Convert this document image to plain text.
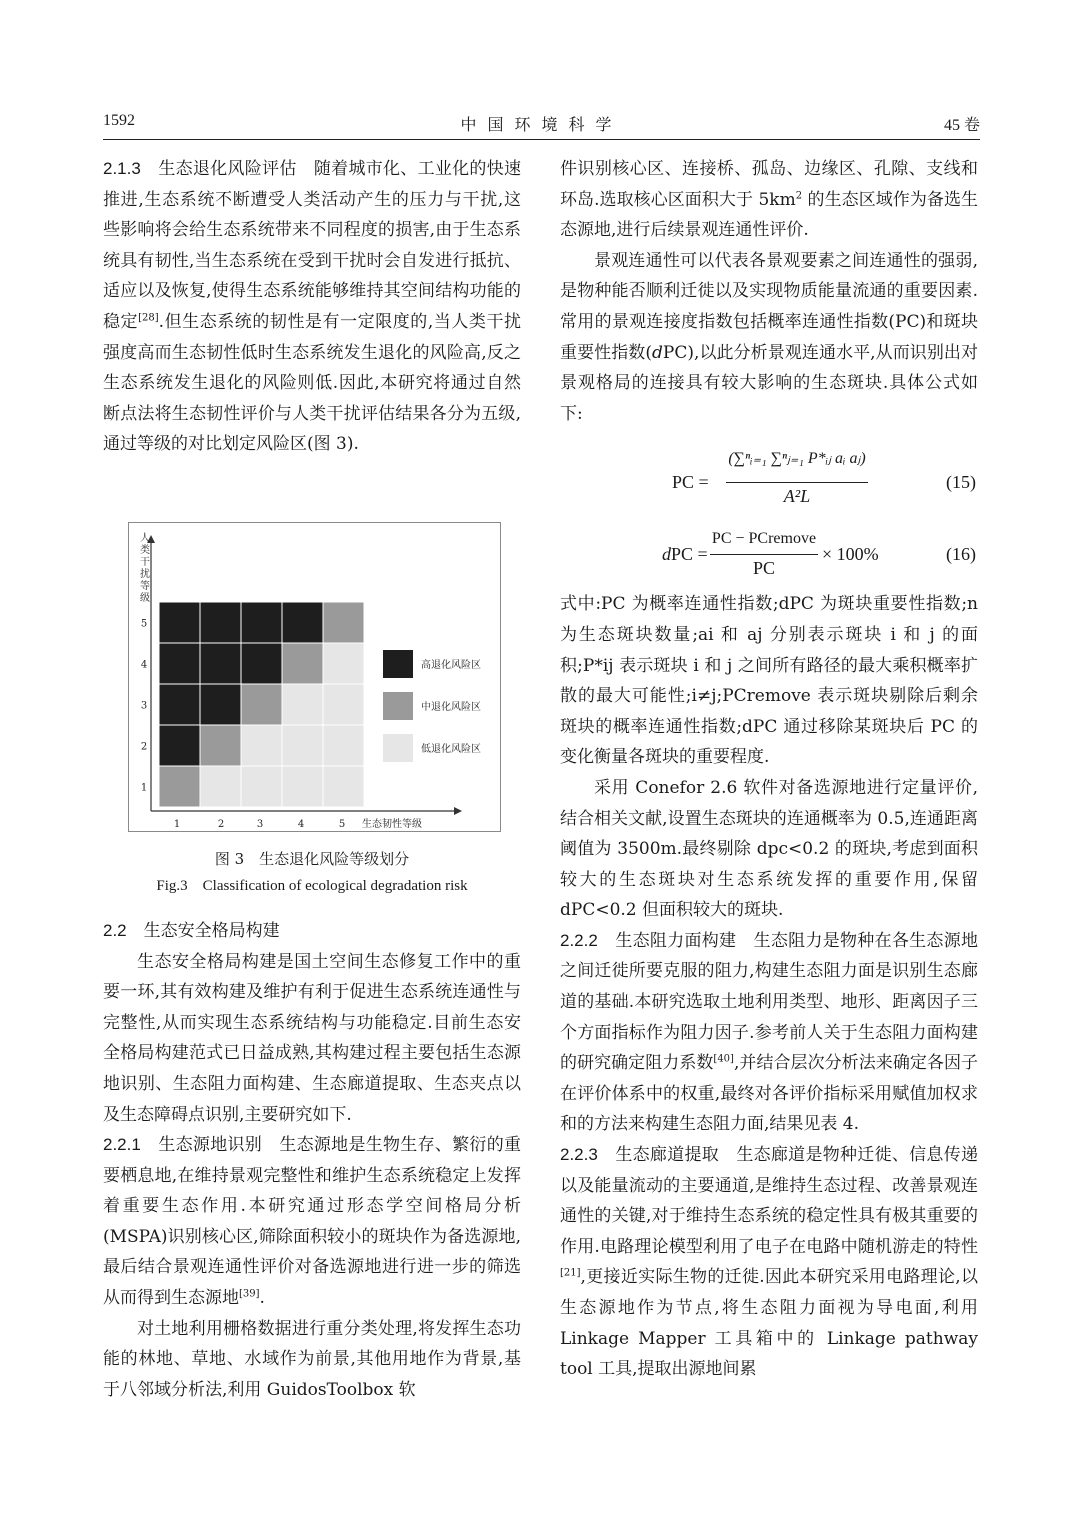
1592	中国环境科学	45 卷

2.1.3　 生态退化风险评估　 随着城市化、工业化的快速推进,生态系统不断遭受人类活动产生的压力与干扰,这些影响将会给生态系统带来不同程度的损害,由于生态系统具有韧性,当生态系统在受到干扰时会自发进行抵抗、适应以及恢复,使得生态系统能够维持其空间结构功能的稳定[28].但生态系统的韧性是有一定限度的,当人类干扰强度高而生态韧性低时生态系统发生退化的风险高,反之生态系统发生退化的风险则低.因此,本研究将通过自然断点法将生态韧性评价与人类干扰评估结果各分为五级,通过等级的对比划定风险区(图 3).

2.2　 生态安全格局构建

生态安全格局构建是国土空间生态修复工作中的重要一环,其有效构建及维护有利于促进生态系统连通性与完整性,从而实现生态系统结构与功能稳定.目前生态安全格局构建范式已日益成熟,其构建过程主要包括生态源地识别、生态阻力面构建、生态廊道提取、生态夹点以及生态障碍点识别,主要研究如下.

2.2.1　 生态源地识别　 生态源地是生物生存、繁衍的重要栖息地,在维持景观完整性和维护生态系统稳定上发挥着重要生态作用.本研究通过形态学空间格局分析(MSPA)识别核心区,筛除面积较小的斑块作为备选源地,最后结合景观连通性评价对备选源地进行进一步的筛选从而得到生态源地[39].

对土地利用栅格数据进行重分类处理,将发挥生态功能的林地、草地、水域作为前景,其他用地作为背景,基于八邻域分析法,利用 GuidosToolbox 软

人
类
干
扰
等
级
1
2
3
4
5
1	2	3	4	5 生态韧性等级
高退化风险区
中退化风险区
低退化风险区
图 3　生态退化风险等级划分
Fig.3　Classification of ecological degradation risk

件识别核心区、连接桥、孤岛、边缘区、孔隙、支线和环岛.选取核心区面积大于 $5km^2$ 的生态区域作为备选生态源地,进行后续景观连通性评价.

景观连通性可以代表各景观要素之间连通性的强弱,是物种能否顺利迁徙以及实现物质能量流通的重要因素.常用的景观连接度指数包括概率连通性指数(PC)和斑块重要性指数(dPC),以此分析景观连通水平,从而识别出对景观格局的连接具有较大影响的生态斑块.具体公式如下:

式中:PC 为概率连通性指数;dPC 为斑块重要性指数;n 为生态斑块数量;ai 和 aj 分别表示斑块 i 和 j 的面积;P*ij 表示斑块 i 和 j 之间所有路径的最大乘积概率扩散的最大可能性;i≠j;PCremove 表示斑块剔除后剩余斑块的概率连通性指数;dPC 通过移除某斑块后 PC 的变化衡量各斑块的重要程度.

采用 Conefor 2.6 软件对备选源地进行定量评价,结合相关文献,设置生态斑块的连通概率为 0.5,连通距离阈值为 3500m.最终剔除 dpc<0.2 的斑块,考虑到面积较大的生态斑块对生态系统发挥的重要作用,保留 dPC<0.2 但面积较大的斑块.

2.2.2　 生态阻力面构建　 生态阻力是物种在各生态源地之间迁徙所要克服的阻力,构建生态阻力面是识别生态廊道的基础.本研究选取土地利用类型、地形、距离因子三个方面指标作为阻力因子.参考前人关于生态阻力面构建的研究确定阻力系数[40],并结合层次分析法来确定各因子在评价体系中的权重,最终对各评价指标采用赋值加权求和的方法来构建生态阻力面,结果见表 4.

2.2.3　 生态廊道提取　 生态廊道是物种迁徙、信息传递以及能量流动的主要通道,是维持生态过程、改善景观连通性的关键,对于维持生态系统的稳定性具有极其重要的作用.电路理论模型利用了电子在电路中随机游走的特性[21],更接近实际生物的迁徙.因此本研究采用电路理论,以生态源地作为节点,将生态阻力面视为导电面,利用 Linkage Mapper 工具箱中的 Linkage pathway tool 工具,提取出源地间累

PC =
(∑ⁿᵢ₌₁ ∑ⁿⱼ₌₁ P*ᵢⱼ aᵢ aⱼ)
A²L
(15)
dPC =
PC − PCremove
PC
× 100%	(16)
